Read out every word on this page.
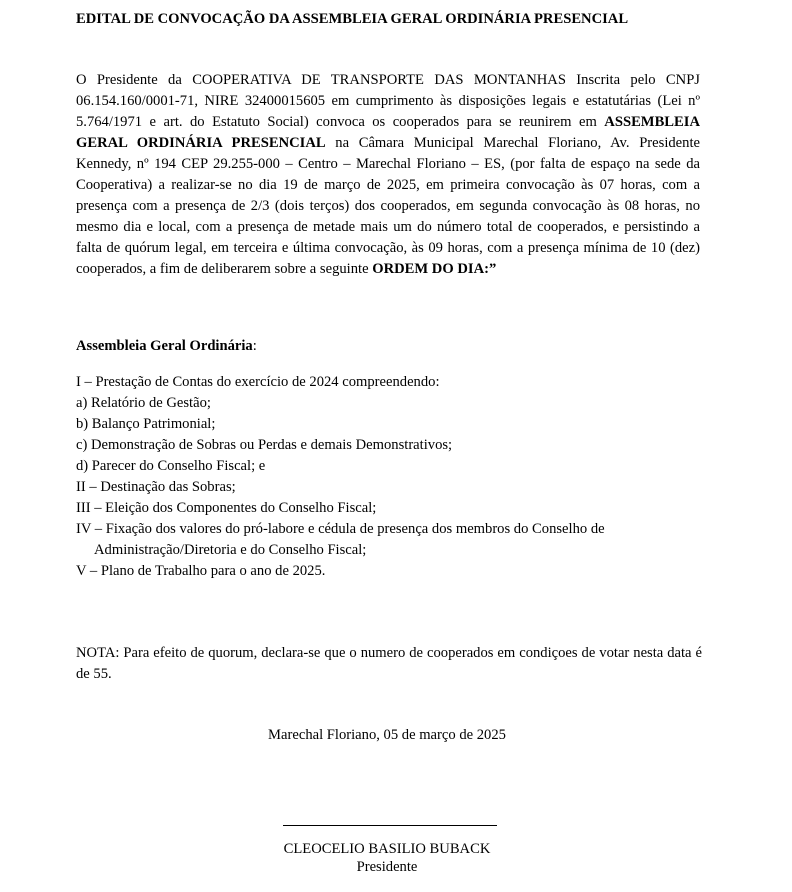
EDITAL DE CONVOCAÇÃO DA ASSEMBLEIA GERAL ORDINÁRIA PRESENCIAL
O Presidente da COOPERATIVA DE TRANSPORTE DAS MONTANHAS Inscrita pelo CNPJ 06.154.160/0001-71, NIRE 32400015605 em cumprimento às disposições legais e estatutárias (Lei nº 5.764/1971 e art. do Estatuto Social) convoca os cooperados para se reunirem em ASSEMBLEIA GERAL ORDINÁRIA PRESENCIAL na Câmara Municipal Marechal Floriano, Av. Presidente Kennedy, nº 194 CEP 29.255-000 – Centro – Marechal Floriano – ES, (por falta de espaço na sede da Cooperativa) a realizar-se no dia 19 de março de 2025, em primeira convocação às 07 horas, com a presença com a presença de 2/3 (dois terços) dos cooperados, em segunda convocação às 08 horas, no mesmo dia e local, com a presença de metade mais um do número total de cooperados, e persistindo a falta de quórum legal, em terceira e última convocação, às 09 horas, com a presença mínima de 10 (dez) cooperados, a fim de deliberarem sobre a seguinte ORDEM DO DIA:”
Assembleia Geral Ordinária:
I – Prestação de Contas do exercício de 2024 compreendendo:
a) Relatório de Gestão;
b) Balanço Patrimonial;
c) Demonstração de Sobras ou Perdas e demais Demonstrativos;
d) Parecer do Conselho Fiscal; e
II – Destinação das Sobras;
III – Eleição dos Componentes do Conselho Fiscal;
IV – Fixação dos valores do pró-labore e cédula de presença dos membros do Conselho de Administração/Diretoria e do Conselho Fiscal;
V – Plano de Trabalho para o ano de 2025.
NOTA: Para efeito de quorum, declara-se que o numero de cooperados em condiçoes de votar nesta data é de 55.
Marechal Floriano, 05 de março de 2025
CLEOCELIO BASILIO BUBACK
Presidente
